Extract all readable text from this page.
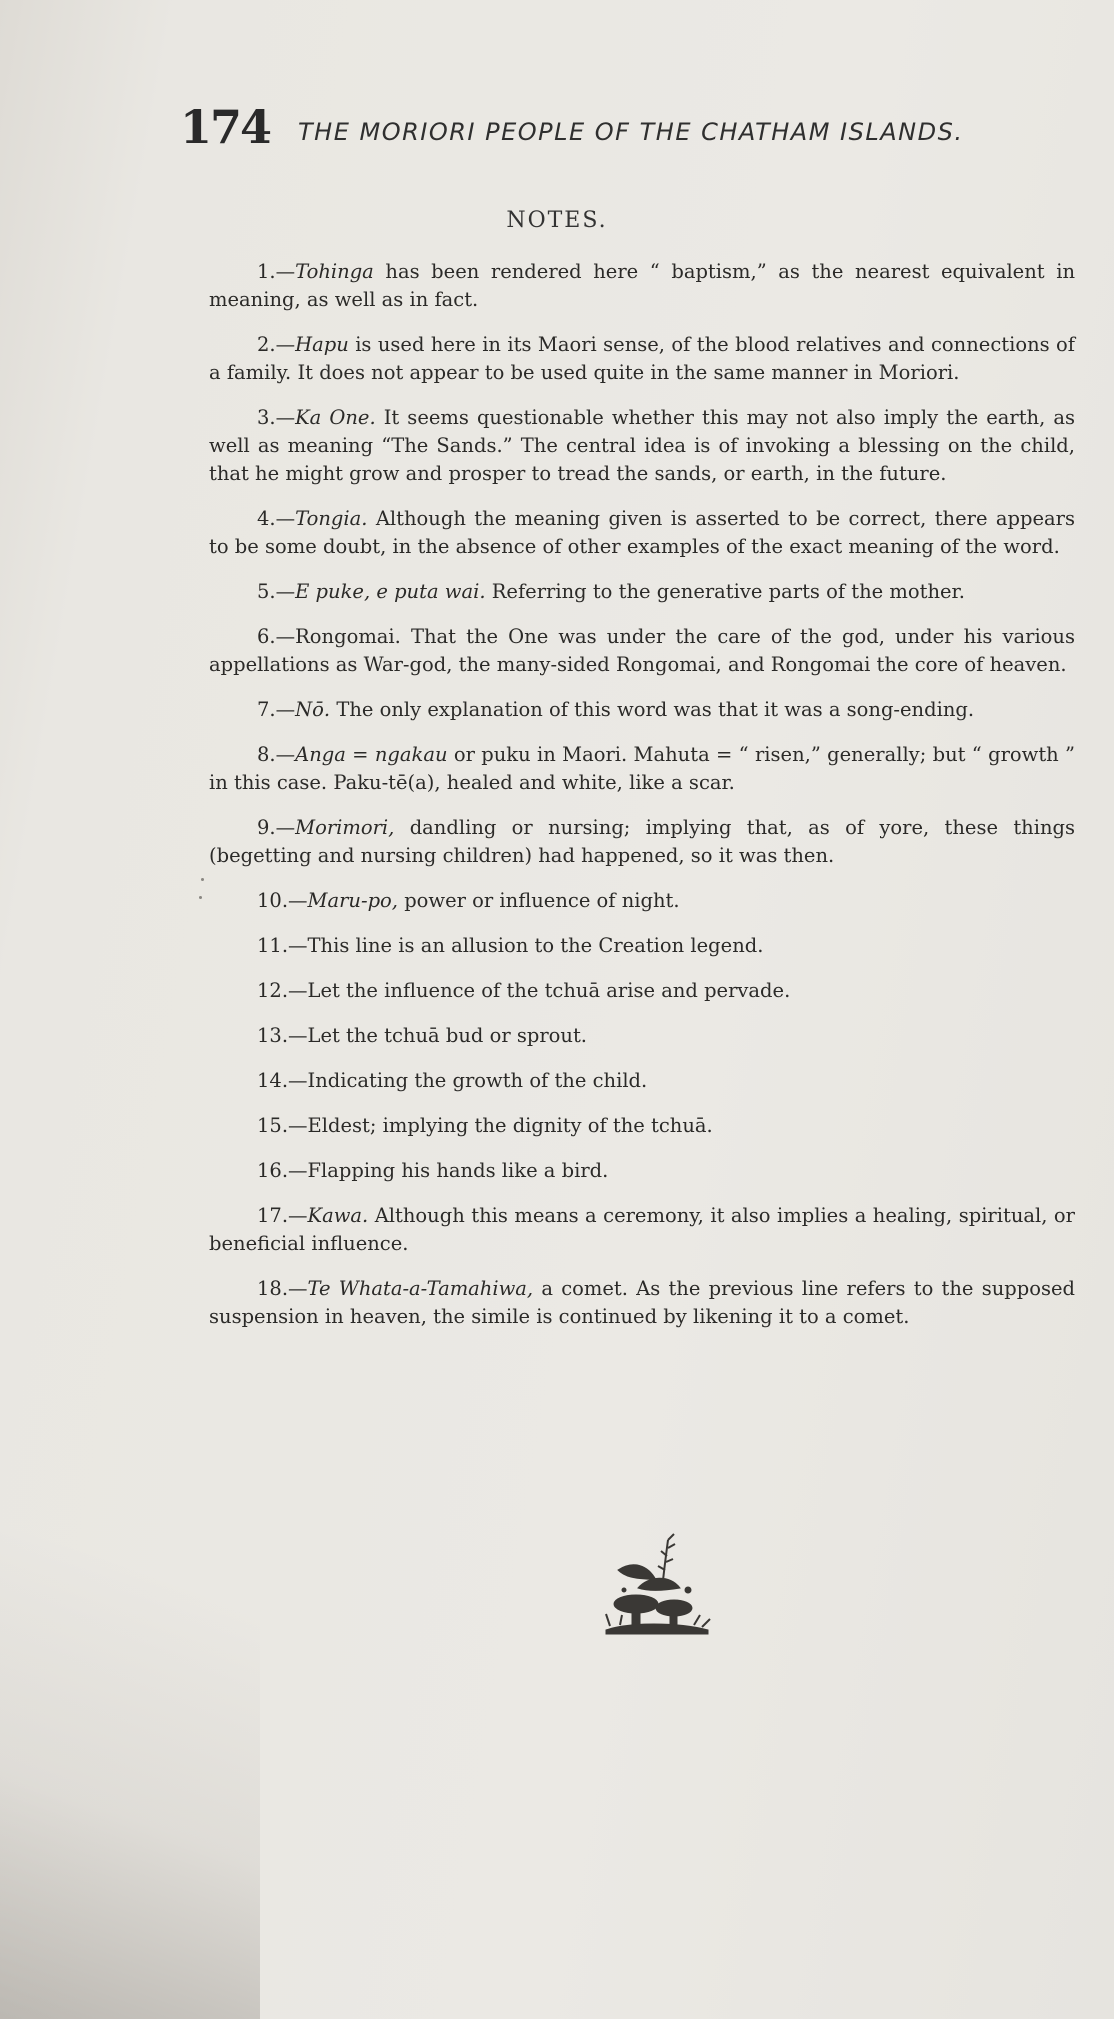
174 THE MORIORI PEOPLE OF THE CHATHAM ISLANDS.
NOTES.

1.—Tohinga has been rendered here “ baptism,” as the nearest equivalent in meaning, as well as in fact.

2.—Hapu is used here in its Maori sense, of the blood relatives and connections of a family. It does not appear to be used quite in the same manner in Moriori.

3.—Ka One. It seems questionable whether this may not also imply the earth, as well as meaning “The Sands.” The central idea is of invoking a blessing on the child, that he might grow and prosper to tread the sands, or earth, in the future.

4.—Tongia. Although the meaning given is asserted to be correct, there appears to be some doubt, in the absence of other examples of the exact meaning of the word.

5.—E puke, e puta wai. Referring to the generative parts of the mother.

6.—Rongomai. That the One was under the care of the god, under his various appellations as War-god, the many-sided Rongomai, and Rongomai the core of heaven.

7.—Nō. The only explanation of this word was that it was a song-ending.

8.—Anga = ngakau or puku in Maori. Mahuta = “ risen,” generally; but “ growth ” in this case. Paku-tē(a), healed and white, like a scar.

9.—Morimori, dandling or nursing; implying that, as of yore, these things (begetting and nursing children) had happened, so it was then.

10.—Maru-po, power or influence of night.

11.—This line is an allusion to the Creation legend.

12.—Let the influence of the tchuā arise and pervade.

13.—Let the tchuā bud or sprout.

14.—Indicating the growth of the child.

15.—Eldest; implying the dignity of the tchuā.

16.—Flapping his hands like a bird.

17.—Kawa. Although this means a ceremony, it also implies a healing, spiritual, or beneficial influence.

18.—Te Whata-a-Tamahiwa, a comet. As the previous line refers to the supposed suspension in heaven, the simile is continued by likening it to a comet.
